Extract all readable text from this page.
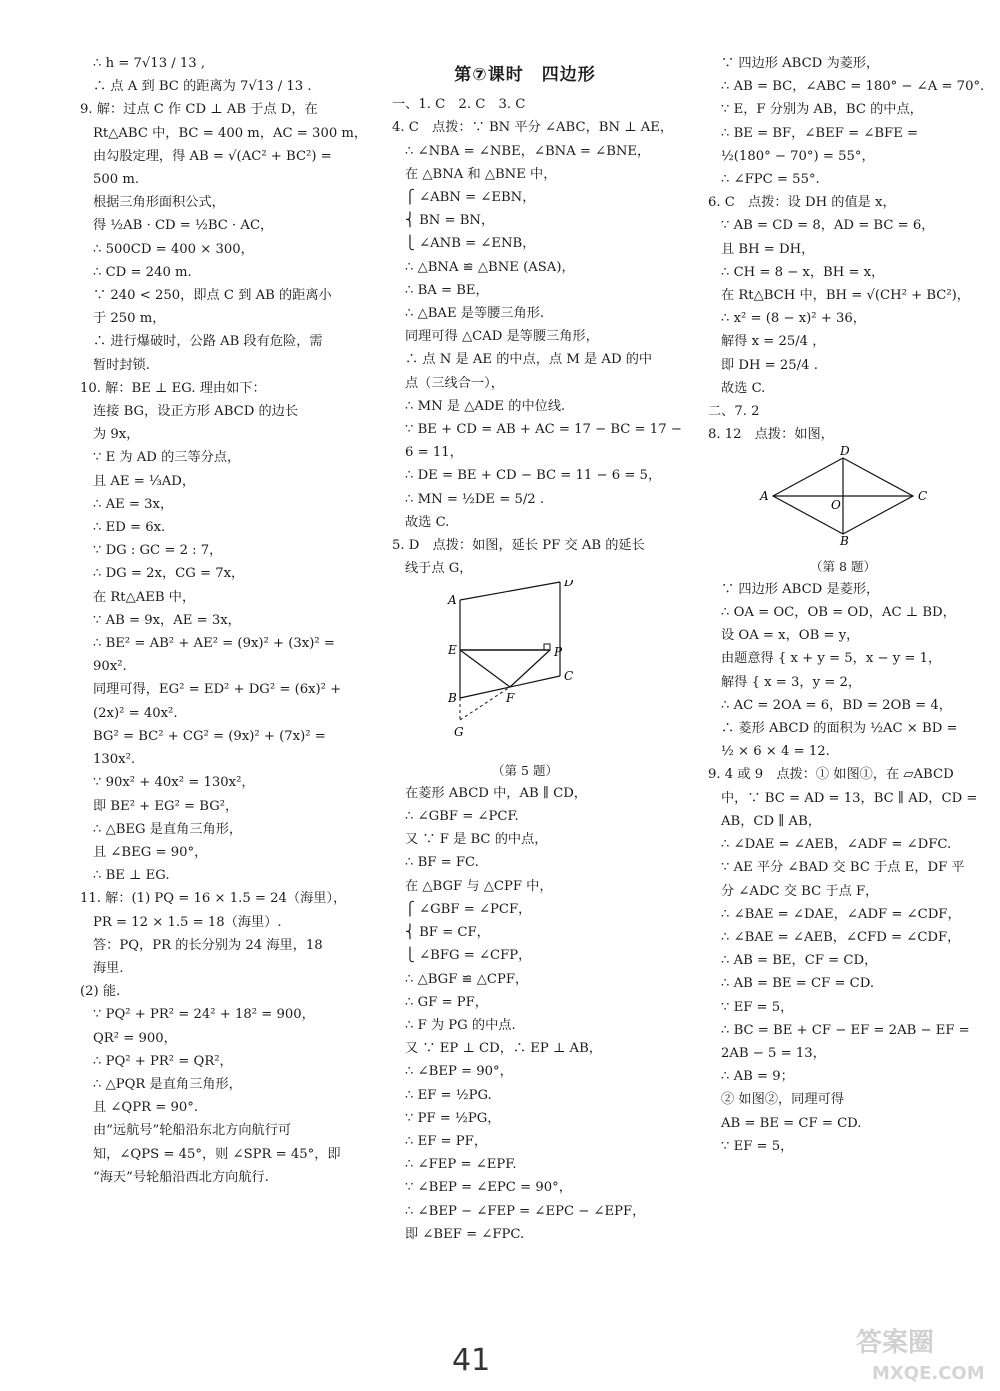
∴ h = 7√13 / 13 ,
∴ 点 A 到 BC 的距离为 7√13 / 13 .
9. 解：过点 C 作 CD ⊥ AB 于点 D，在
Rt△ABC 中，BC = 400 m，AC = 300 m，
由勾股定理，得 AB = √(AC² + BC²) =
500 m.
根据三角形面积公式，
得 ½AB · CD = ½BC · AC，
∴ 500CD = 400 × 300，
∴ CD = 240 m.
∵ 240 < 250，即点 C 到 AB 的距离小
于 250 m，
∴ 进行爆破时，公路 AB 段有危险，需
暂时封锁.
10. 解：BE ⊥ EG. 理由如下：
连接 BG，设正方形 ABCD 的边长
为 9x，
∵ E 为 AD 的三等分点，
且 AE = ⅓AD，
∴ AE = 3x，
∴ ED = 6x.
∵ DG : GC = 2 : 7，
∴ DG = 2x，CG = 7x，
在 Rt△AEB 中，
∵ AB = 9x，AE = 3x，
∴ BE² = AB² + AE² = (9x)² + (3x)² =
90x².
同理可得，EG² = ED² + DG² = (6x)² +
(2x)² = 40x².
BG² = BC² + CG² = (9x)² + (7x)² =
130x².
∵ 90x² + 40x² = 130x²，
即 BE² + EG² = BG²，
∴ △BEG 是直角三角形，
且 ∠BEG = 90°，
∴ BE ⊥ EG.
11. 解：(1) PQ = 16 × 1.5 = 24（海里），
PR = 12 × 1.5 = 18（海里）.
答：PQ，PR 的长分别为 24 海里，18
海里.
(2) 能.
∵ PQ² + PR² = 24² + 18² = 900，
QR² = 900，
∴ PQ² + PR² = QR²，
∴ △PQR 是直角三角形，
且 ∠QPR = 90°.
由“远航号”轮船沿东北方向航行可
知，∠QPS = 45°，则 ∠SPR = 45°，即
“海天”号轮船沿西北方向航行.
第⑦课时　四边形
一、1. C　2. C　3. C
4. C　点拨：∵ BN 平分 ∠ABC，BN ⊥ AE，
∴ ∠NBA = ∠NBE，∠BNA = ∠BNE，
在 △BNA 和 △BNE 中，
⎧ ∠ABN = ∠EBN，
⎨ BN = BN，
⎩ ∠ANB = ∠ENB，
∴ △BNA ≌ △BNE (ASA)，
∴ BA = BE，
∴ △BAE 是等腰三角形.
同理可得 △CAD 是等腰三角形，
∴ 点 N 是 AE 的中点，点 M 是 AD 的中
点（三线合一），
∴ MN 是 △ADE 的中位线.
∵ BE + CD = AB + AC = 17 − BC = 17 −
6 = 11，
∴ DE = BE + CD − BC = 11 − 6 = 5，
∴ MN = ½DE = 5/2 .
故选 C.
5. D　点拨：如图，延长 PF 交 AB 的延长
线于点 G，
A
D
E	P
C
B	F
G
（第 5 题）
在菱形 ABCD 中，AB ∥ CD，
∴ ∠GBF = ∠PCF.
又 ∵ F 是 BC 的中点，
∴ BF = FC.
在 △BGF 与 △CPF 中，
⎧ ∠GBF = ∠PCF，
⎨ BF = CF，
⎩ ∠BFG = ∠CFP，
∴ △BGF ≌ △CPF，
∴ GF = PF，
∴ F 为 PG 的中点.
又 ∵ EP ⊥ CD，∴ EP ⊥ AB，
∴ ∠BEP = 90°，
∴ EF = ½PG.
∵ PF = ½PG，
∴ EF = PF，
∴ ∠FEP = ∠EPF.
∵ ∠BEP = ∠EPC = 90°，
∴ ∠BEP − ∠FEP = ∠EPC − ∠EPF，
即 ∠BEF = ∠FPC.
∵ 四边形 ABCD 为菱形，
∴ AB = BC，∠ABC = 180° − ∠A = 70°.
∵ E，F 分别为 AB，BC 的中点，
∴ BE = BF，∠BEF = ∠BFE =
½(180° − 70°) = 55°，
∴ ∠FPC = 55°.
6. C　点拨：设 DH 的值是 x，
∵ AB = CD = 8，AD = BC = 6，
且 BH = DH，
∴ CH = 8 − x，BH = x，
在 Rt△BCH 中，BH = √(CH² + BC²)，
∴ x² = (8 − x)² + 36，
解得 x = 25/4 ，
即 DH = 25/4 .
故选 C.
二、7. 2
8. 12　点拨：如图，
A
D
C
B
O
（第 8 题）
∵ 四边形 ABCD 是菱形，
∴ OA = OC，OB = OD，AC ⊥ BD，
设 OA = x，OB = y，
由题意得 { x + y = 5，x − y = 1，
解得 { x = 3，y = 2，
∴ AC = 2OA = 6，BD = 2OB = 4，
∴ 菱形 ABCD 的面积为 ½AC × BD =
½ × 6 × 4 = 12.
9. 4 或 9　点拨：① 如图①，在 ▱ABCD
中，∵ BC = AD = 13，BC ∥ AD，CD =
AB，CD ∥ AB，
∴ ∠DAE = ∠AEB，∠ADF = ∠DFC.
∵ AE 平分 ∠BAD 交 BC 于点 E，DF 平
分 ∠ADC 交 BC 于点 F，
∴ ∠BAE = ∠DAE，∠ADF = ∠CDF，
∴ ∠BAE = ∠AEB，∠CFD = ∠CDF，
∴ AB = BE，CF = CD，
∴ AB = BE = CF = CD.
∵ EF = 5，
∴ BC = BE + CF − EF = 2AB − EF =
2AB − 5 = 13，
∴ AB = 9；
② 如图②，同理可得
AB = BE = CF = CD.
∵ EF = 5，
41	答案圈
MXQE.COM
